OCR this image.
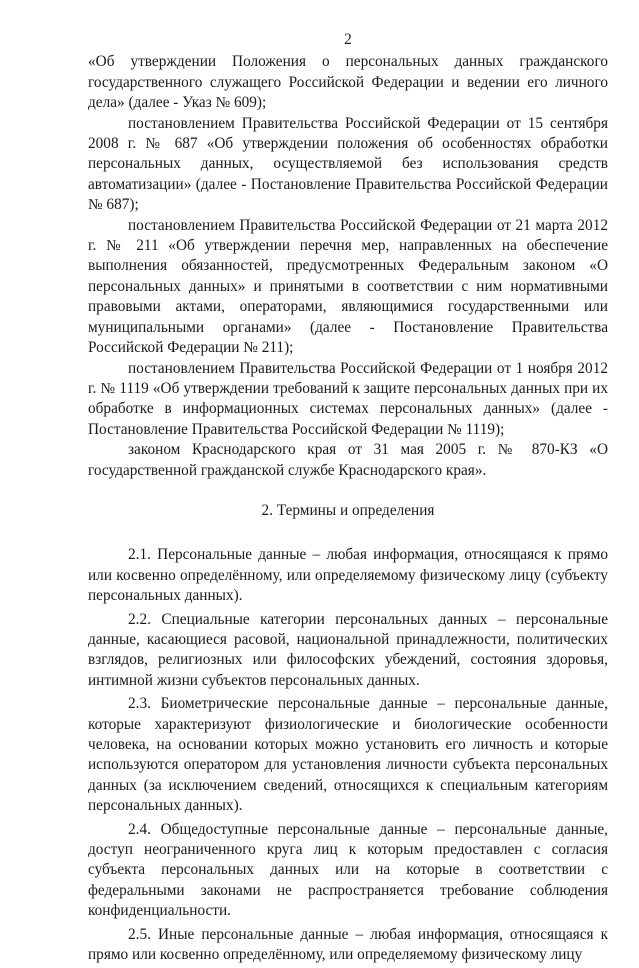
2

«Об утверждении Положения о персональных данных гражданского государственного служащего Российской Федерации и ведении его личного дела» (далее - Указ № 609);

постановлением Правительства Российской Федерации от 15 сентября 2008 г. № 687 «Об утверждении положения об особенностях обработки персональных данных, осуществляемой без использования средств автоматизации» (далее - Постановление Правительства Российской Федерации № 687);

постановлением Правительства Российской Федерации от 21 марта 2012 г. № 211 «Об утверждении перечня мер, направленных на обеспечение выполнения обязанностей, предусмотренных Федеральным законом «О персональных данных» и принятыми в соответствии с ним нормативными правовыми актами, операторами, являющимися государственными или муниципальными органами» (далее - Постановление Правительства Российской Федерации № 211);

постановлением Правительства Российской Федерации от 1 ноября 2012 г. № 1119 «Об утверждении требований к защите персональных данных при их обработке в информационных системах персональных данных» (далее - Постановление Правительства Российской Федерации № 1119);

законом Краснодарского края от 31 мая 2005 г. № 870-КЗ «О государственной гражданской службе Краснодарского края».

2. Термины и определения

2.1. Персональные данные – любая информация, относящаяся к прямо или косвенно определённому, или определяемому физическому лицу (субъекту персональных данных).

2.2. Специальные категории персональных данных – персональные данные, касающиеся расовой, национальной принадлежности, политических взглядов, религиозных или философских убеждений, состояния здоровья, интимной жизни субъектов персональных данных.

2.3. Биометрические персональные данные – персональные данные, которые характеризуют физиологические и биологические особенности человека, на основании которых можно установить его личность и которые используются оператором для установления личности субъекта персональных данных (за исключением сведений, относящихся к специальным категориям персональных данных).

2.4. Общедоступные персональные данные – персональные данные, доступ неограниченного круга лиц к которым предоставлен с согласия субъекта персональных данных или на которые в соответствии с федеральными законами не распространяется требование соблюдения конфиденциальности.

2.5. Иные персональные данные – любая информация, относящаяся к прямо или косвенно определённому, или определяемому физическому лицу
